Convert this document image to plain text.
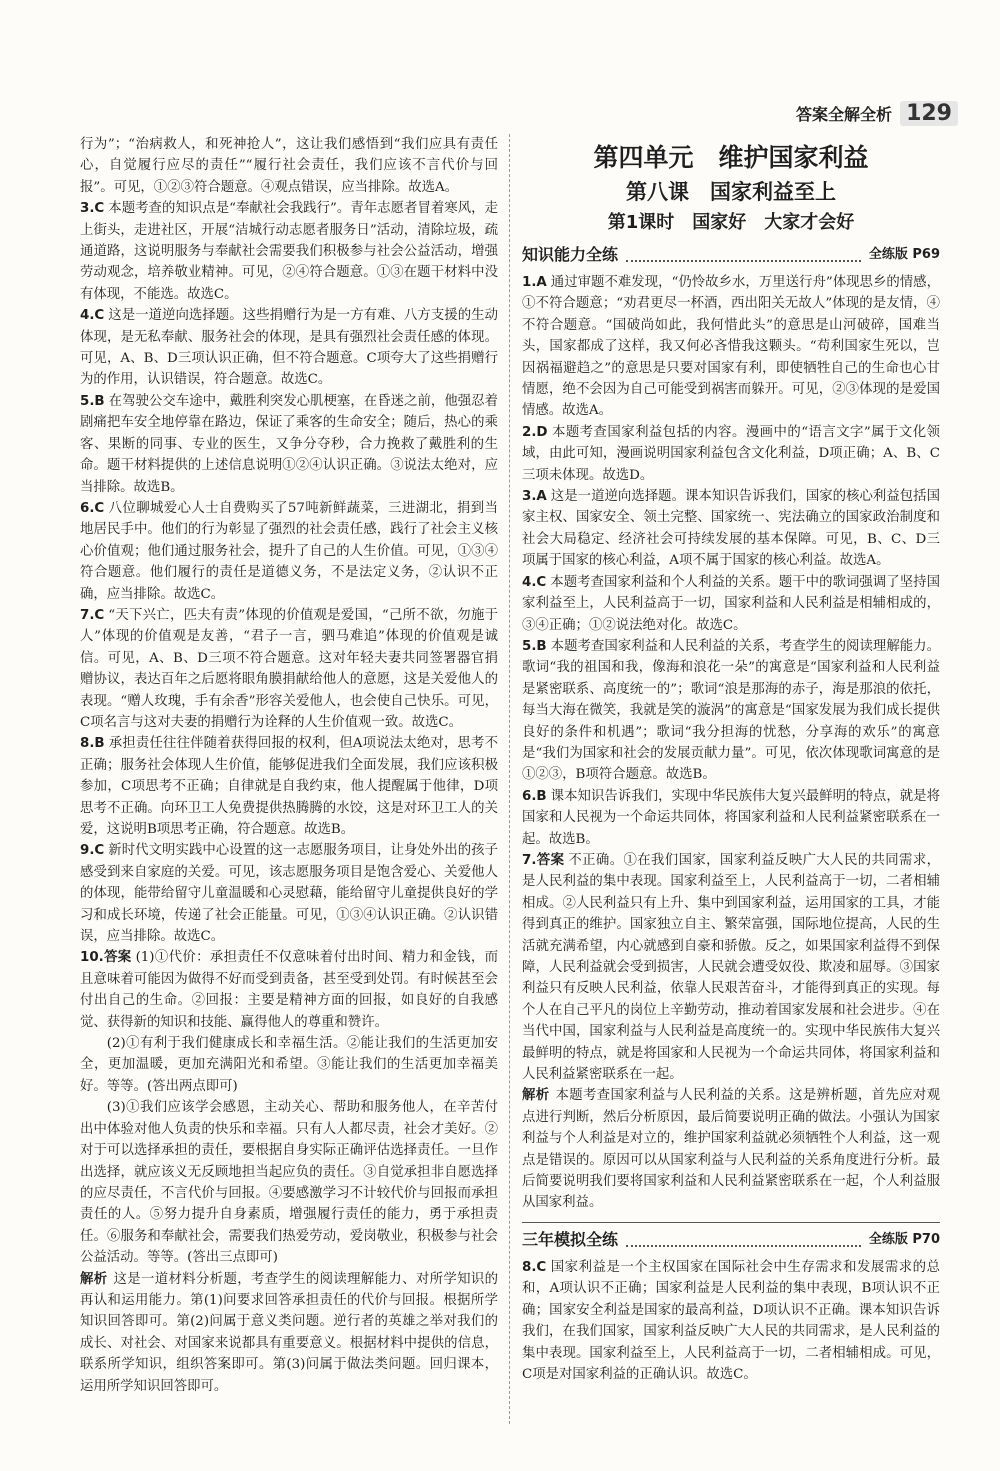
答案全解全析 129

行为”；“治病救人，和死神抢人”，这让我们感悟到“我们应具有责任心，自觉履行应尽的责任”“履行社会责任，我们应该不言代价与回报”。可见，①②③符合题意。④观点错误，应当排除。故选A。

3.C 本题考查的知识点是“奉献社会我践行”。青年志愿者冒着寒风，走上街头，走进社区，开展“洁城行动志愿者服务日”活动，清除垃圾，疏通道路，这说明服务与奉献社会需要我们积极参与社会公益活动，增强劳动观念，培养敬业精神。可见，②④符合题意。①③在题干材料中没有体现，不能选。故选C。

4.C 这是一道逆向选择题。这些捐赠行为是一方有难、八方支援的生动体现，是无私奉献、服务社会的体现，是具有强烈社会责任感的体现。可见，A、B、D三项认识正确，但不符合题意。C项夸大了这些捐赠行为的作用，认识错误，符合题意。故选C。

5.B 在驾驶公交车途中，戴胜利突发心肌梗塞，在昏迷之前，他强忍着剧痛把车安全地停靠在路边，保证了乘客的生命安全；随后，热心的乘客、果断的同事、专业的医生，又争分夺秒，合力挽救了戴胜利的生命。题干材料提供的上述信息说明①②④认识正确。③说法太绝对，应当排除。故选B。

6.C 八位聊城爱心人士自费购买了57吨新鲜蔬菜，三进湖北，捐到当地居民手中。他们的行为彰显了强烈的社会责任感，践行了社会主义核心价值观；他们通过服务社会，提升了自己的人生价值。可见，①③④符合题意。他们履行的责任是道德义务，不是法定义务，②认识不正确，应当排除。故选C。

7.C “天下兴亡，匹夫有责”体现的价值观是爱国，“己所不欲，勿施于人”体现的价值观是友善，“君子一言，驷马难追”体现的价值观是诚信。可见，A、B、D三项不符合题意。这对年轻夫妻共同签署器官捐赠协议，表达百年之后愿将眼角膜捐献给他人的意愿，这是关爱他人的表现。“赠人玫瑰，手有余香”形容关爱他人，也会使自己快乐。可见，C项名言与这对夫妻的捐赠行为诠释的人生价值观一致。故选C。

8.B 承担责任往往伴随着获得回报的权利，但A项说法太绝对，思考不正确；服务社会体现人生价值，能够促进我们全面发展，我们应该积极参加，C项思考不正确；自律就是自我约束，他人提醒属于他律，D项思考不正确。向环卫工人免费提供热腾腾的水饺，这是对环卫工人的关爱，这说明B项思考正确，符合题意。故选B。

9.C 新时代文明实践中心设置的这一志愿服务项目，让身处外出的孩子感受到来自家庭的关爱。可见，该志愿服务项目是饱含爱心、关爱他人的体现，能带给留守儿童温暖和心灵慰藉，能给留守儿童提供良好的学习和成长环境，传递了社会正能量。可见，①③④认识正确。②认识错误，应当排除。故选C。

10.答案 (1)①代价：承担责任不仅意味着付出时间、精力和金钱，而且意味着可能因为做得不好而受到责备，甚至受到处罚。有时候甚至会付出自己的生命。②回报：主要是精神方面的回报，如良好的自我感觉、获得新的知识和技能、赢得他人的尊重和赞许。

(2)①有利于我们健康成长和幸福生活。②能让我们的生活更加安全，更加温暖，更加充满阳光和希望。③能让我们的生活更加幸福美好。等等。(答出两点即可)

(3)①我们应该学会感恩，主动关心、帮助和服务他人，在辛苦付出中体验对他人负责的快乐和幸福。只有人人都尽责，社会才美好。②对于可以选择承担的责任，要根据自身实际正确评估选择责任。一旦作出选择，就应该义无反顾地担当起应负的责任。③自觉承担非自愿选择的应尽责任，不言代价与回报。④要感激学习不计较代价与回报而承担责任的人。⑤努力提升自身素质，增强履行责任的能力，勇于承担责任。⑥服务和奉献社会，需要我们热爱劳动，爱岗敬业，积极参与社会公益活动。等等。(答出三点即可)

解析 这是一道材料分析题，考查学生的阅读理解能力、对所学知识的再认和运用能力。第(1)问要求回答承担责任的代价与回报。根据所学知识回答即可。第(2)问属于意义类问题。逆行者的英雄之举对我们的成长、对社会、对国家来说都具有重要意义。根据材料中提供的信息，联系所学知识，组织答案即可。第(3)问属于做法类问题。回归课本，运用所学知识回答即可。

第四单元　维护国家利益

第八课　国家利益至上

第1课时　国家好　大家才会好

知识能力全练	全练版 P69

1.A 通过审题不难发现，“仍怜故乡水，万里送行舟”体现思乡的情感，①不符合题意；“劝君更尽一杯酒，西出阳关无故人”体现的是友情，④不符合题意。“国破尚如此，我何惜此头”的意思是山河破碎，国难当头，国家都成了这样，我又何必吝惜我这颗头。“苟利国家生死以，岂因祸福避趋之”的意思是只要对国家有利，即使牺牲自己的生命也心甘情愿，绝不会因为自己可能受到祸害而躲开。可见，②③体现的是爱国情感。故选A。

2.D 本题考查国家利益包括的内容。漫画中的“语言文字”属于文化领域，由此可知，漫画说明国家利益包含文化利益，D项正确；A、B、C三项未体现。故选D。

3.A 这是一道逆向选择题。课本知识告诉我们，国家的核心利益包括国家主权、国家安全、领土完整、国家统一、宪法确立的国家政治制度和社会大局稳定、经济社会可持续发展的基本保障。可见，B、C、D三项属于国家的核心利益，A项不属于国家的核心利益。故选A。

4.C 本题考查国家利益和个人利益的关系。题干中的歌词强调了坚持国家利益至上，人民利益高于一切，国家利益和人民利益是相辅相成的，③④正确；①②说法绝对化。故选C。

5.B 本题考查国家利益和人民利益的关系，考查学生的阅读理解能力。歌词“我的祖国和我，像海和浪花一朵”的寓意是“国家利益和人民利益是紧密联系、高度统一的”；歌词“浪是那海的赤子，海是那浪的依托，每当大海在微笑，我就是笑的漩涡”的寓意是“国家发展为我们成长提供良好的条件和机遇”；歌词“我分担海的忧愁，分享海的欢乐”的寓意是“我们为国家和社会的发展贡献力量”。可见，依次体现歌词寓意的是①②③，B项符合题意。故选B。

6.B 课本知识告诉我们，实现中华民族伟大复兴最鲜明的特点，就是将国家和人民视为一个命运共同体，将国家利益和人民利益紧密联系在一起。故选B。

7.答案 不正确。①在我们国家，国家利益反映广大人民的共同需求，是人民利益的集中表现。国家利益至上，人民利益高于一切，二者相辅相成。②人民利益只有上升、集中到国家利益，运用国家的工具，才能得到真正的维护。国家独立自主、繁荣富强，国际地位提高，人民的生活就充满希望，内心就感到自豪和骄傲。反之，如果国家利益得不到保障，人民利益就会受到损害，人民就会遭受奴役、欺凌和屈辱。③国家利益只有反映人民利益，依靠人民艰苦奋斗，才能得到真正的实现。每个人在自己平凡的岗位上辛勤劳动，推动着国家发展和社会进步。④在当代中国，国家利益与人民利益是高度统一的。实现中华民族伟大复兴最鲜明的特点，就是将国家和人民视为一个命运共同体，将国家利益和人民利益紧密联系在一起。

解析 本题考查国家利益与人民利益的关系。这是辨析题，首先应对观点进行判断，然后分析原因，最后简要说明正确的做法。小强认为国家利益与个人利益是对立的，维护国家利益就必须牺牲个人利益，这一观点是错误的。原因可以从国家利益与人民利益的关系角度进行分析。最后简要说明我们要将国家利益和人民利益紧密联系在一起，个人利益服从国家利益。

三年模拟全练	全练版 P70

8.C 国家利益是一个主权国家在国际社会中生存需求和发展需求的总和，A项认识不正确；国家利益是人民利益的集中表现，B项认识不正确；国家安全利益是国家的最高利益，D项认识不正确。课本知识告诉我们，在我们国家，国家利益反映广大人民的共同需求，是人民利益的集中表现。国家利益至上，人民利益高于一切，二者相辅相成。可见，C项是对国家利益的正确认识。故选C。
